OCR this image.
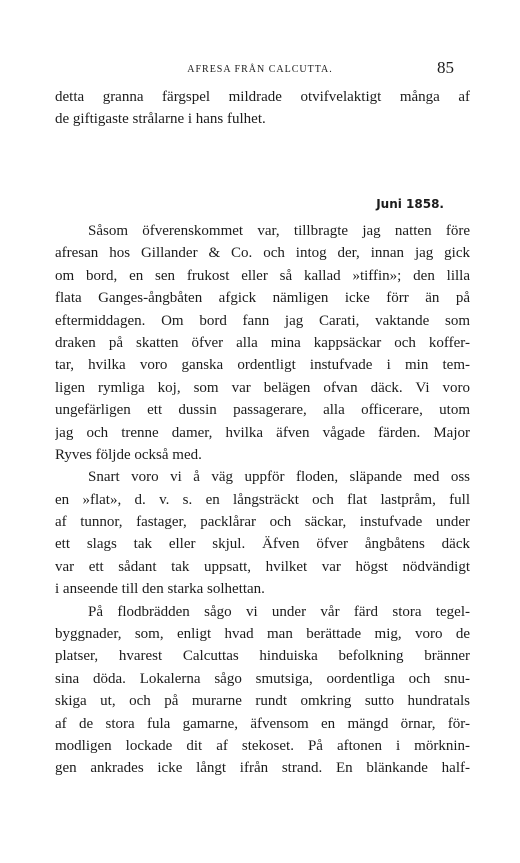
AFRESA FRÅN CALCUTTA.	85
detta granna färgspel mildrade otvifvelaktigt många af
de giftigaste strålarne i hans fulhet.
Juni 1858.
Såsom öfverenskommet var, tillbragte jag natten före
afresan hos Gillander & Co. och intog der, innan jag gick
om bord, en sen frukost eller så kallad »tiffin»; den lilla
flata Ganges-ångbåten afgick nämligen icke förr än på
eftermiddagen. Om bord fann jag Carati, vaktande som
draken på skatten öfver alla mina kappsäckar och koffer-
tar, hvilka voro ganska ordentligt instufvade i min tem-
ligen rymliga koj, som var belägen ofvan däck. Vi voro
ungefärligen ett dussin passagerare, alla officerare, utom
jag och trenne damer, hvilka äfven vågade färden. Major
Ryves följde också med.
Snart voro vi å väg uppför floden, släpande med oss
en »flat», d. v. s. en långsträckt och flat lastpråm, full
af tunnor, fastager, packlårar och säckar, instufvade under
ett slags tak eller skjul. Äfven öfver ångbåtens däck
var ett sådant tak uppsatt, hvilket var högst nödvändigt
i anseende till den starka solhettan.
På flodbrädden sågo vi under vår färd stora tegel-
byggnader, som, enligt hvad man berättade mig, voro de
platser, hvarest Calcuttas hinduiska befolkning bränner
sina döda. Lokalerna sågo smutsiga, oordentliga och snu-
skiga ut, och på murarne rundt omkring sutto hundratals
af de stora fula gamarne, äfvensom en mängd örnar, för-
modligen lockade dit af stekoset. På aftonen i mörknin-
gen ankrades icke långt ifrån strand. En blänkande half-
